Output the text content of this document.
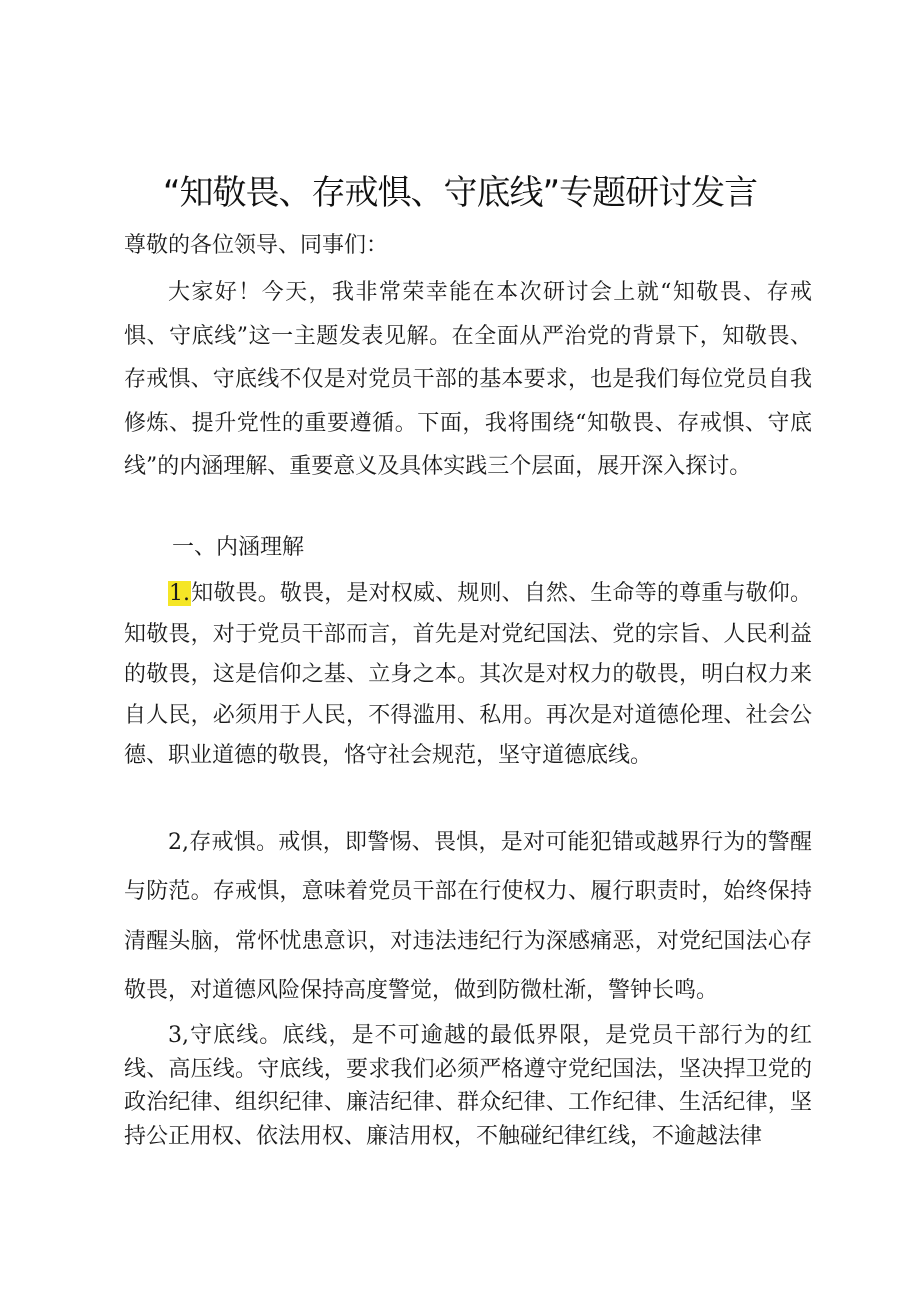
“知敬畏、存戒惧、守底线”专题研讨发言

尊敬的各位领导、同事们：

大家好！今天，我非常荣幸能在本次研讨会上就“知敬畏、存戒惧、守底线”这一主题发表见解。在全面从严治党的背景下，知敬畏、存戒惧、守底线不仅是对党员干部的基本要求，也是我们每位党员自我修炼、提升党性的重要遵循。下面，我将围绕“知敬畏、存戒惧、守底线”的内涵理解、重要意义及具体实践三个层面，展开深入探讨。

一、内涵理解

1.知敬畏。敬畏，是对权威、规则、自然、生命等的尊重与敬仰。知敬畏，对于党员干部而言，首先是对党纪国法、党的宗旨、人民利益的敬畏，这是信仰之基、立身之本。其次是对权力的敬畏，明白权力来自人民，必须用于人民，不得滥用、私用。再次是对道德伦理、社会公德、职业道德的敬畏，恪守社会规范，坚守道德底线。

2,存戒惧。戒惧，即警惕、畏惧，是对可能犯错或越界行为的警醒与防范。存戒惧，意味着党员干部在行使权力、履行职责时，始终保持清醒头脑，常怀忧患意识，对违法违纪行为深感痛恶，对党纪国法心存敬畏，对道德风险保持高度警觉，做到防微杜渐，警钟长鸣。

3,守底线。底线，是不可逾越的最低界限，是党员干部行为的红线、高压线。守底线，要求我们必须严格遵守党纪国法，坚决捍卫党的政治纪律、组织纪律、廉洁纪律、群众纪律、工作纪律、生活纪律，坚持公正用权、依法用权、廉洁用权，不触碰纪律红线，不逾越法律
